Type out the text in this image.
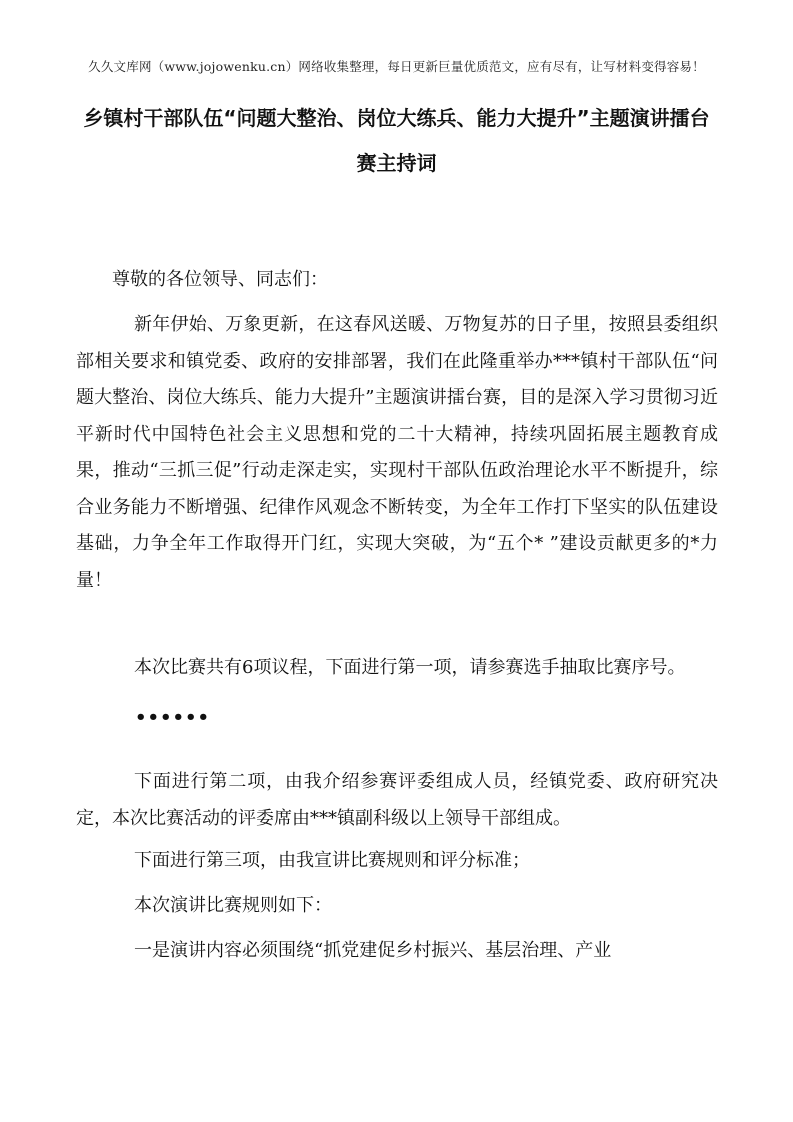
久久文库网（www.jojowenku.cn）网络收集整理，每日更新巨量优质范文，应有尽有，让写材料变得容易！
乡镇村干部队伍“问题大整治、岗位大练兵、能力大提升”主题演讲擂台
赛主持词
尊敬的各位领导、同志们：

新年伊始、万象更新，在这春风送暖、万物复苏的日子里，按照县委组织部相关要求和镇党委、政府的安排部署，我们在此隆重举办***镇村干部队伍“问题大整治、岗位大练兵、能力大提升”主题演讲擂台赛，目的是深入学习贯彻习近平新时代中国特色社会主义思想和党的二十大精神，持续巩固拓展主题教育成果，推动“三抓三促”行动走深走实，实现村干部队伍政治理论水平不断提升，综合业务能力不断增强、纪律作风观念不断转变，为全年工作打下坚实的队伍建设基础，力争全年工作取得开门红，实现大突破，为“五个* ”建设贡献更多的*力量！

本次比赛共有6项议程，下面进行第一项，请参赛选手抽取比赛序号。

••••••

下面进行第二项，由我介绍参赛评委组成人员，经镇党委、政府研究决定，本次比赛活动的评委席由***镇副科级以上领导干部组成。

下面进行第三项，由我宣讲比赛规则和评分标准；

本次演讲比赛规则如下：

一是演讲内容必须围绕“抓党建促乡村振兴、基层治理、产业
